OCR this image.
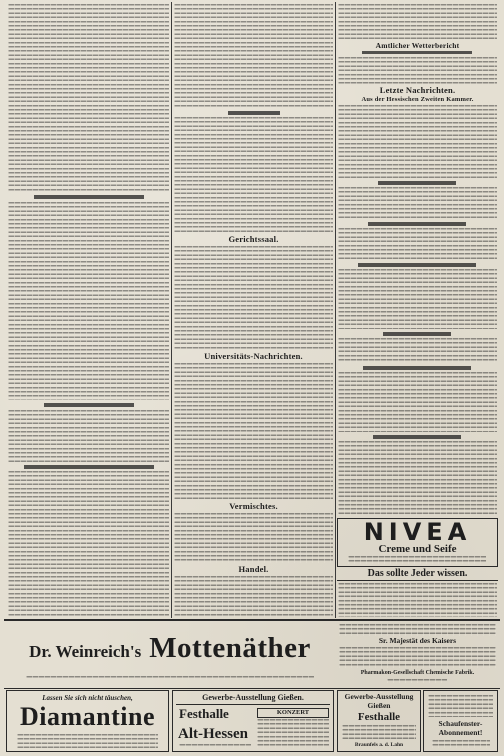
Gerichtssaal.
Universitäts-Nachrichten.
Vermischtes.
Handel.
Amtlicher Wetterbericht
Letzte Nachrichten.
Aus der Hessischen Zweiten Kammer.
NIVEA
Creme und Seife
Das sollte Jeder wissen.
Dr. Weinreich's Mottenäther	Sr. Majestät des Kaisers
Pharmakon-Gesellschaft Chemische Fabrik.
Lassen Sie sich nicht täuschen,
Diamantine
Gewerbe-Ausstellung Gießen.
Festhalle	KONZERT
Alt-Hessen
Gewerbe-Ausstellung Gießen
Festhalle
Braunfels a. d. Lahn
Schaufenster-Abonnement!
